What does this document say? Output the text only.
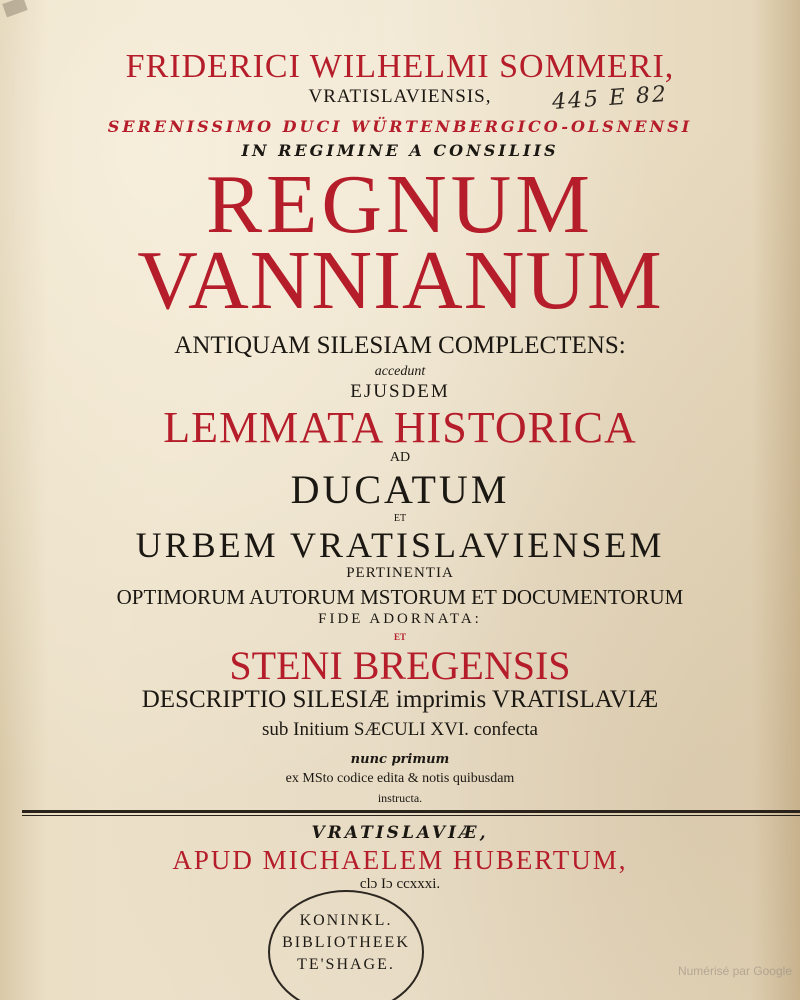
FRIDERICI WILHELMI SOMMERI,

VRATISLAVIENSIS,	445 E 82

SERENISSIMO DUCI WÜRTENBERGICO-OLSNENSI

IN REGIMINE A CONSILIIS

REGNUM

VANNIANUM

ANTIQUAM SILESIAM COMPLECTENS:

accedunt

EJUSDEM

LEMMATA HISTORICA

AD

DUCATUM

ET

URBEM VRATISLAVIENSEM

PERTINENTIA

OPTIMORUM AUTORUM MSTORUM ET DOCUMENTORUM

FIDE ADORNATA:

ET

STENI BREGENSIS

DESCRIPTIO SILESIÆ imprimis VRATISLAVIÆ

sub Initium SÆCULI XVI. confecta

nunc primum

ex MSto codice edita & notis quibusdam

instructa.

VRATISLAVIÆ,

APUD MICHAELEM HUBERTUM,

clɔ Iɔ ccxxxi.

KONINKL.
BIBLIOTHEEK
TE'SHAGE.	Numérisé par Google
